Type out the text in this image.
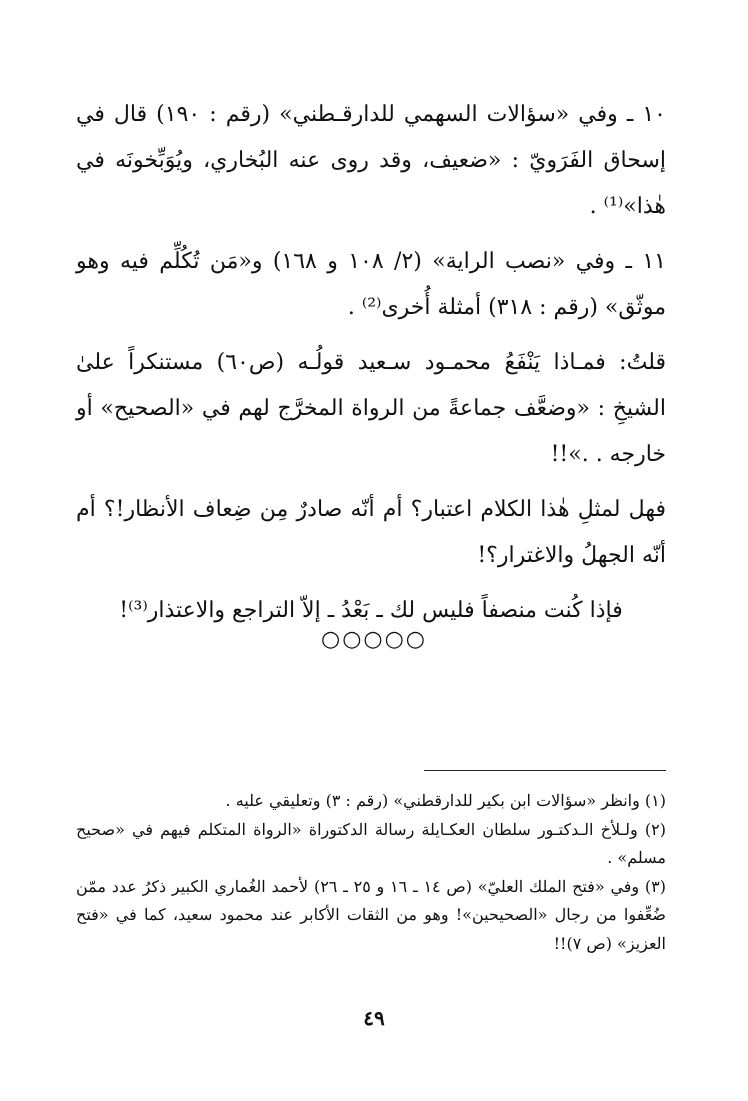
١٠ ـ وفي «سؤالات السهمي للدارقـطني» (رقم : ١٩٠) قال في إسحاق الفَرَويّ : «ضعيف، وقد روى عنه البُخاري، ويُوَبِّخونَه في هٰذا»⁽¹⁾ .

١١ ـ وفي «نصب الراية» (٢/ ١٠٨ و ١٦٨) و«مَن تُكُلِّم فيه وهو موثّق» (رقم : ٣١٨) أمثلة أُخرى⁽²⁾ .

قلتُ: فمـاذا يَنْفَعُ محمـود سـعيد قولُـه (ص٦٠) مستنكراً علىٰ الشيخِ : «وضعَّف جماعةً من الرواة المخرَّج لهم في «الصحيح» أو خارجه . .»!!

فهل لمثلِ هٰذا الكلام اعتبار؟ أم أنّه صادرٌ مِن ضِعاف الأنظار!؟ أم أنّه الجهلُ والاغترار؟!

فإذا كُنت منصفاً فليس لك ـ بَعْدُ ـ إلاّ التراجع والاعتذار⁽³⁾!

○○○○○

(١) وانظر «سؤالات ابن بكير للدارقطني» (رقم : ٣) وتعليقي عليه .

(٢) ولـلأخ الـدكتـور سلطان العكـايلة رسالة الدكتوراة «الرواة المتكلم فيهم في «صحيح مسلم» .

(٣) وفي «فتح الملك العليّ» (ص ١٤ ـ ١٦ و ٢٥ ـ ٢٦) لأحمد الغُماري الكبير ذكرُ عدد ممّن ضُعِّفوا من رجال «الصحيحين»! وهو من الثقات الأكابر عند محمود سعيد، كما في «فتح العزيز» (ص ٧)!!

٤٩
